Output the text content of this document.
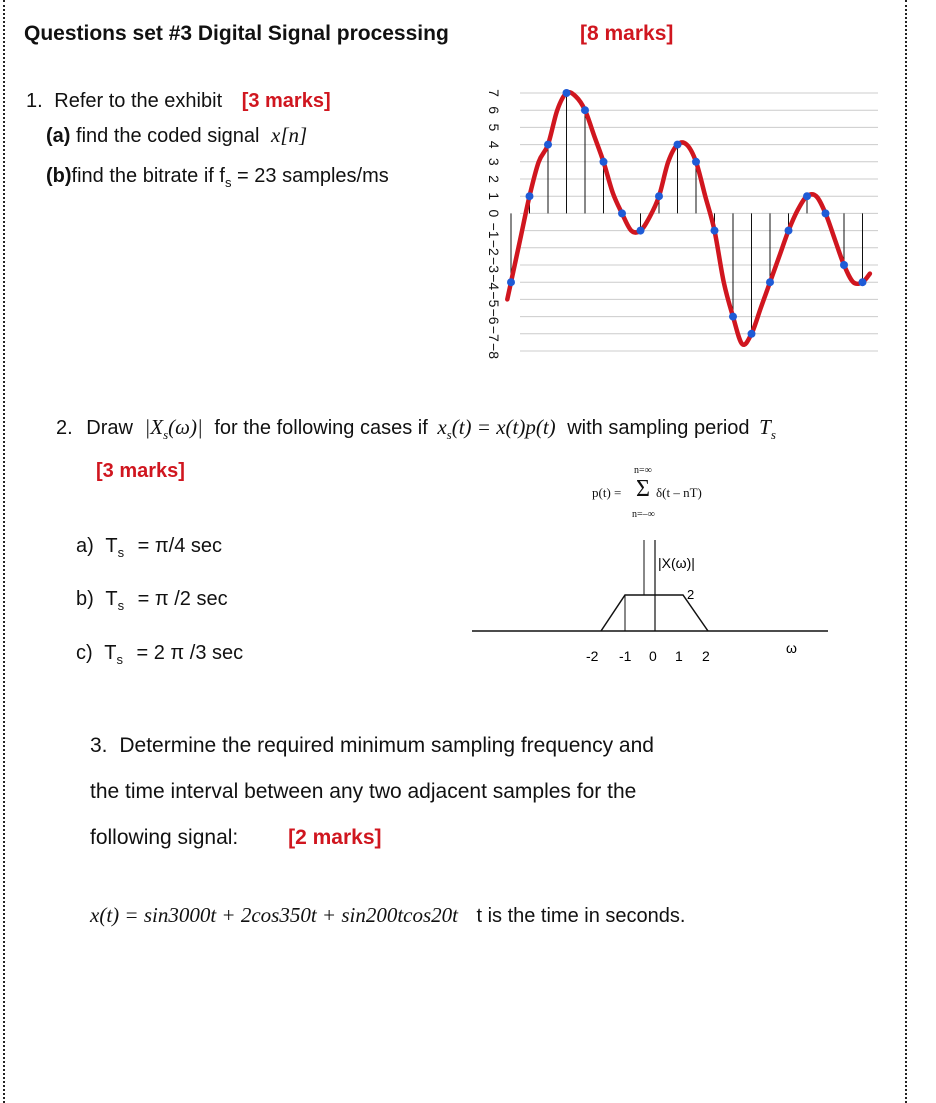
Questions set #3 Digital Signal processing	[8 marks]
1. Refer to the exhibit [3 marks]
(a) find the coded signal x[n]
(b)find the bitrate if $f_s = 23$ samples/ms
7
6
5
4
3
2
1
0
−1
−2
−3
−4
−5
−6
−7
−8
2. Draw $|X_s(\omega)|$ for the following cases if $x_s(t) = x(t)p(t)$ with sampling period $T_s$
[3 marks]	n=∞
p(t) = Σ δ(t – nT)
n=–∞
a) $T_s = \pi/4$ sec
b) $T_s = \pi$ /2 sec
c) $T_s = 2$ π /3 sec
|X(ω)|
2
-2 -1 0 1 2	ω
3. Determine the required minimum sampling frequency and
the time interval between any two adjacent samples for the
following signal: [2 marks]
x(t) = sin3000t + 2cos350t + sin200tcos20t t is the time in seconds.
